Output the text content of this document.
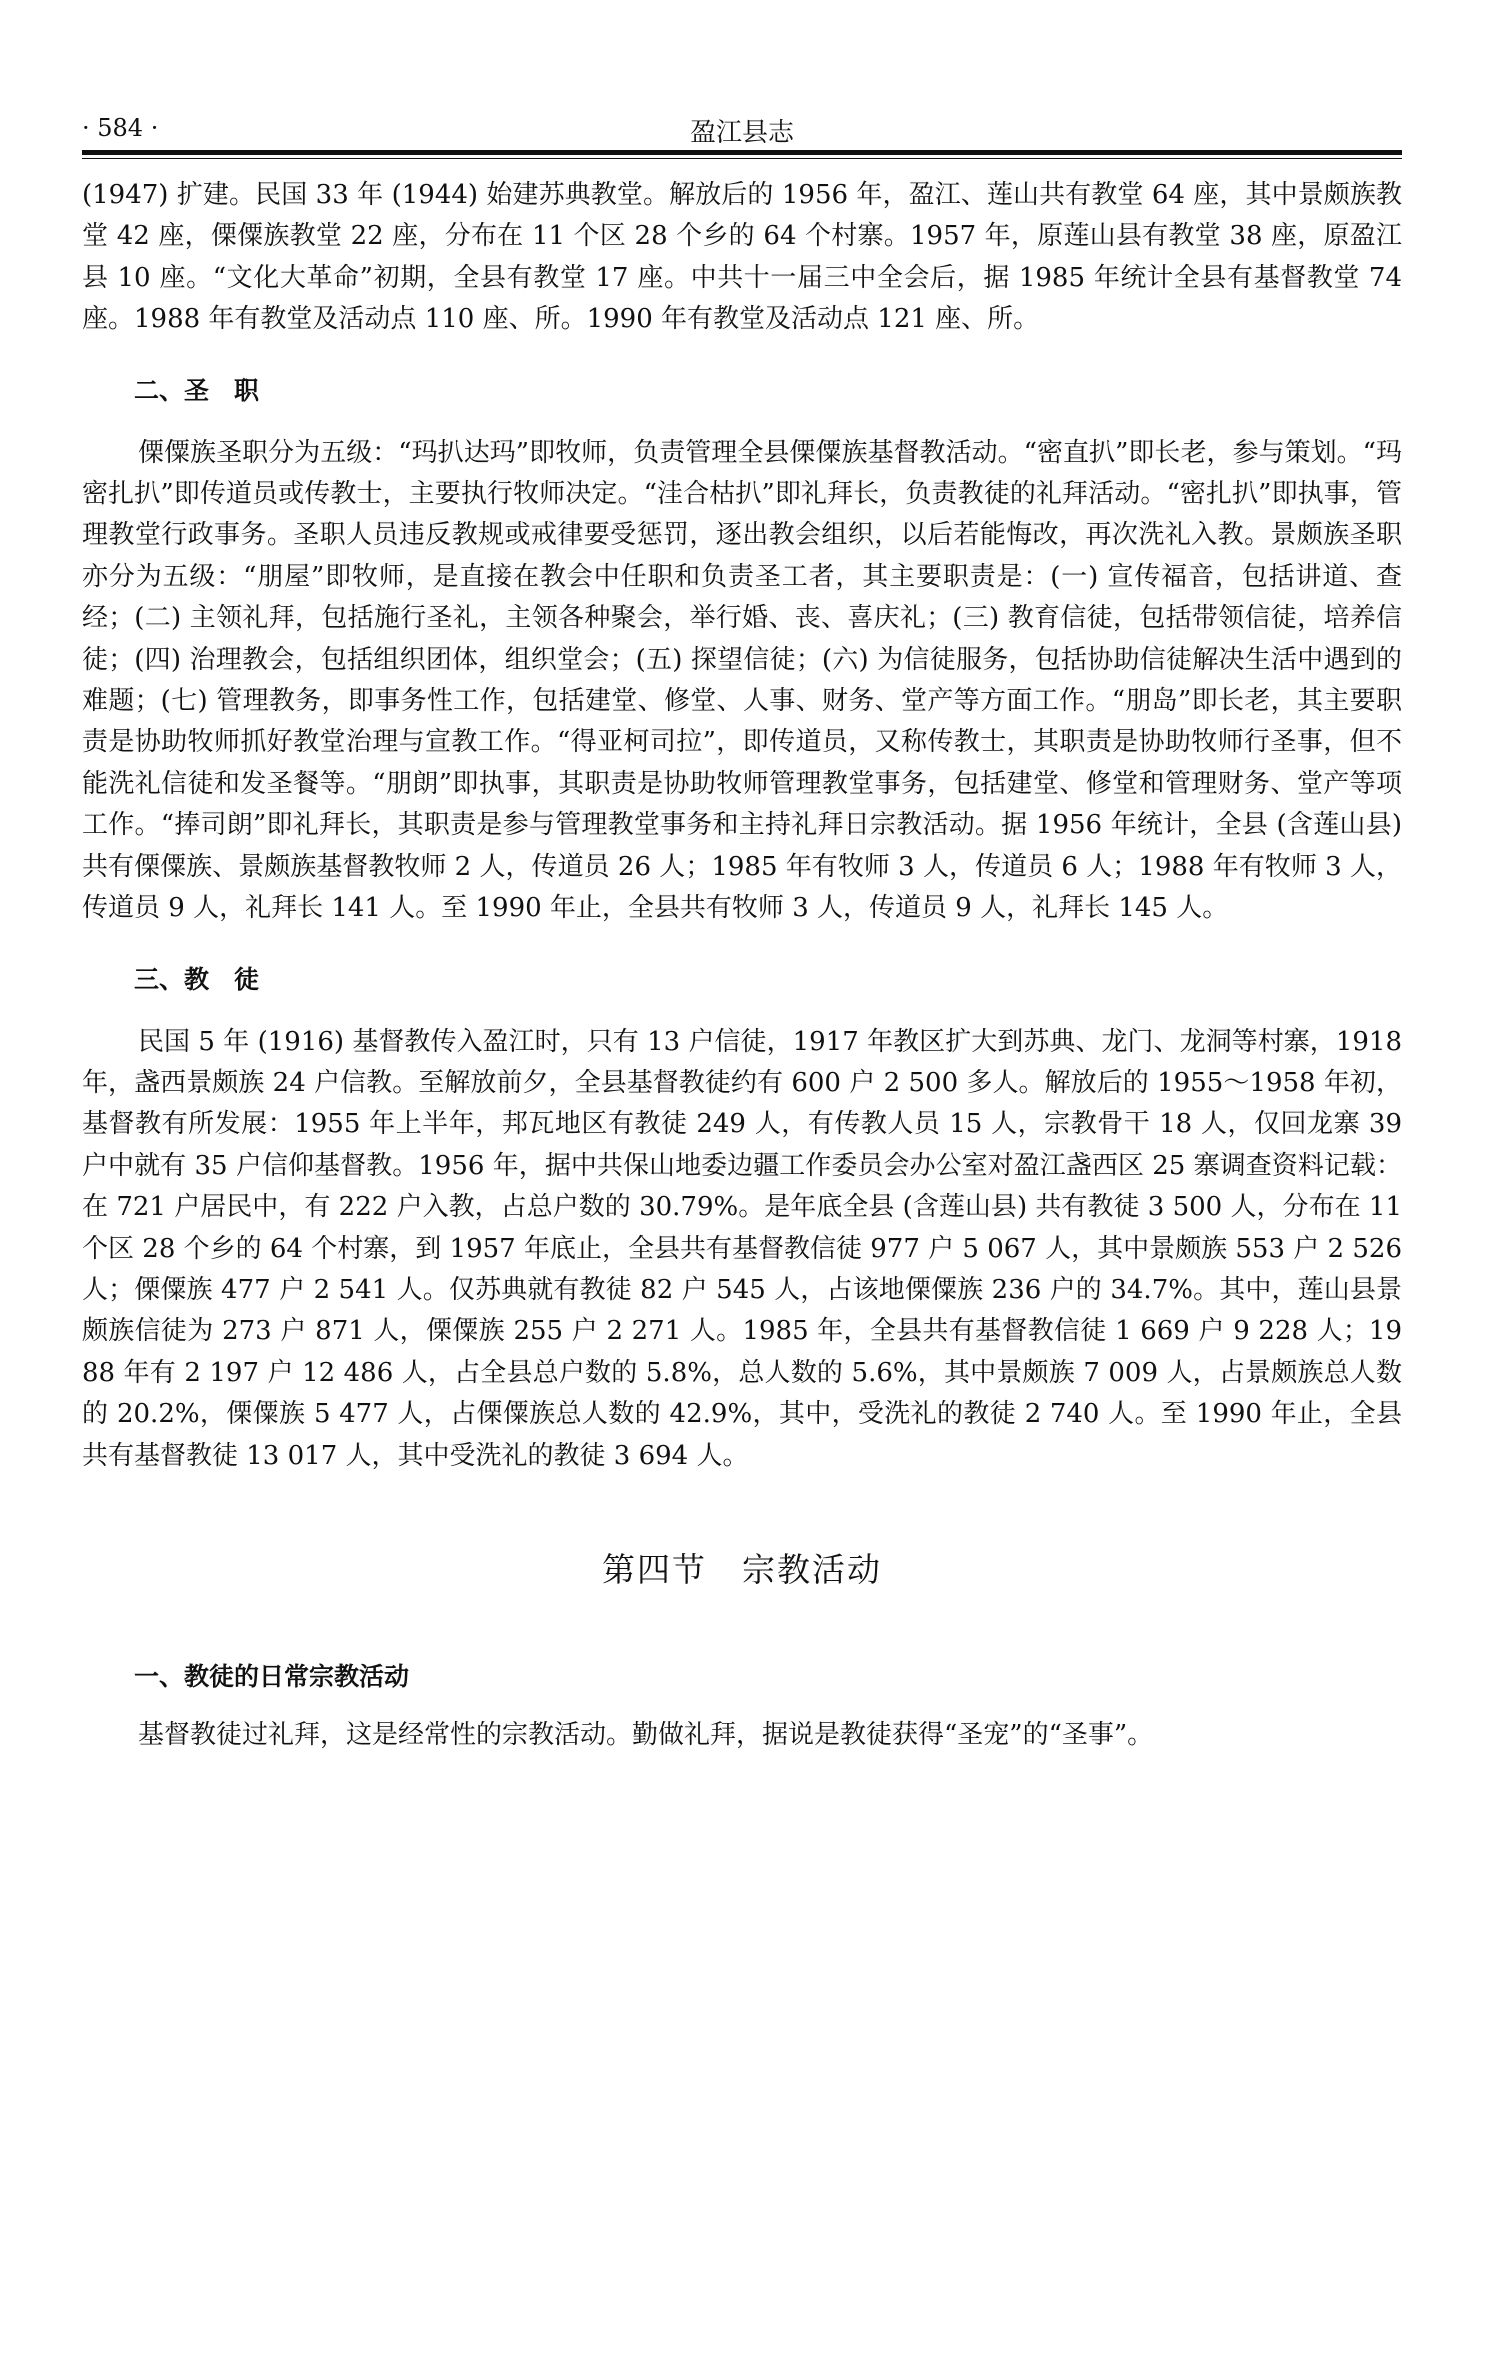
· 584 ·	盈江县志

(1947) 扩建。民国 33 年 (1944) 始建苏典教堂。解放后的 1956 年，盈江、莲山共有教堂 64 座，其中景颇族教堂 42 座，傈僳族教堂 22 座，分布在 11 个区 28 个乡的 64 个村寨。1957 年，原莲山县有教堂 38 座，原盈江县 10 座。“文化大革命”初期，全县有教堂 17 座。中共十一届三中全会后，据 1985 年统计全县有基督教堂 74 座。1988 年有教堂及活动点 110 座、所。1990 年有教堂及活动点 121 座、所。

二、圣　职

傈僳族圣职分为五级：“玛扒达玛”即牧师，负责管理全县傈僳族基督教活动。“密直扒”即长老，参与策划。“玛密扎扒”即传道员或传教士，主要执行牧师决定。“洼合枯扒”即礼拜长，负责教徒的礼拜活动。“密扎扒”即执事，管理教堂行政事务。圣职人员违反教规或戒律要受惩罚，逐出教会组织，以后若能悔改，再次洗礼入教。景颇族圣职亦分为五级：“朋屋”即牧师，是直接在教会中任职和负责圣工者，其主要职责是：(一) 宣传福音，包括讲道、查经；(二) 主领礼拜，包括施行圣礼，主领各种聚会，举行婚、丧、喜庆礼；(三) 教育信徒，包括带领信徒，培养信徒；(四) 治理教会，包括组织团体，组织堂会；(五) 探望信徒；(六) 为信徒服务，包括协助信徒解决生活中遇到的难题；(七) 管理教务，即事务性工作，包括建堂、修堂、人事、财务、堂产等方面工作。“朋岛”即长老，其主要职责是协助牧师抓好教堂治理与宣教工作。“得亚柯司拉”，即传道员，又称传教士，其职责是协助牧师行圣事，但不能洗礼信徒和发圣餐等。“朋朗”即执事，其职责是协助牧师管理教堂事务，包括建堂、修堂和管理财务、堂产等项工作。“捧司朗”即礼拜长，其职责是参与管理教堂事务和主持礼拜日宗教活动。据 1956 年统计，全县 (含莲山县) 共有傈僳族、景颇族基督教牧师 2 人，传道员 26 人；1985 年有牧师 3 人，传道员 6 人；1988 年有牧师 3 人，传道员 9 人，礼拜长 141 人。至 1990 年止，全县共有牧师 3 人，传道员 9 人，礼拜长 145 人。

三、教　徒

民国 5 年 (1916) 基督教传入盈江时，只有 13 户信徒，1917 年教区扩大到苏典、龙门、龙洞等村寨，1918 年，盏西景颇族 24 户信教。至解放前夕，全县基督教徒约有 600 户 2 500 多人。解放后的 1955～1958 年初，基督教有所发展：1955 年上半年，邦瓦地区有教徒 249 人，有传教人员 15 人，宗教骨干 18 人，仅回龙寨 39 户中就有 35 户信仰基督教。1956 年，据中共保山地委边疆工作委员会办公室对盈江盏西区 25 寨调查资料记载：在 721 户居民中，有 222 户入教，占总户数的 30.79%。是年底全县 (含莲山县) 共有教徒 3 500 人，分布在 11 个区 28 个乡的 64 个村寨，到 1957 年底止，全县共有基督教信徒 977 户 5 067 人，其中景颇族 553 户 2 526 人；傈僳族 477 户 2 541 人。仅苏典就有教徒 82 户 545 人，占该地傈僳族 236 户的 34.7%。其中，莲山县景颇族信徒为 273 户 871 人，傈僳族 255 户 2 271 人。1985 年，全县共有基督教信徒 1 669 户 9 228 人；1988 年有 2 197 户 12 486 人，占全县总户数的 5.8%，总人数的 5.6%，其中景颇族 7 009 人，占景颇族总人数的 20.2%，傈僳族 5 477 人，占傈僳族总人数的 42.9%，其中，受洗礼的教徒 2 740 人。至 1990 年止，全县共有基督教徒 13 017 人，其中受洗礼的教徒 3 694 人。

第四节　宗教活动
一、教徒的日常宗教活动

基督教徒过礼拜，这是经常性的宗教活动。勤做礼拜，据说是教徒获得“圣宠”的“圣事”。
